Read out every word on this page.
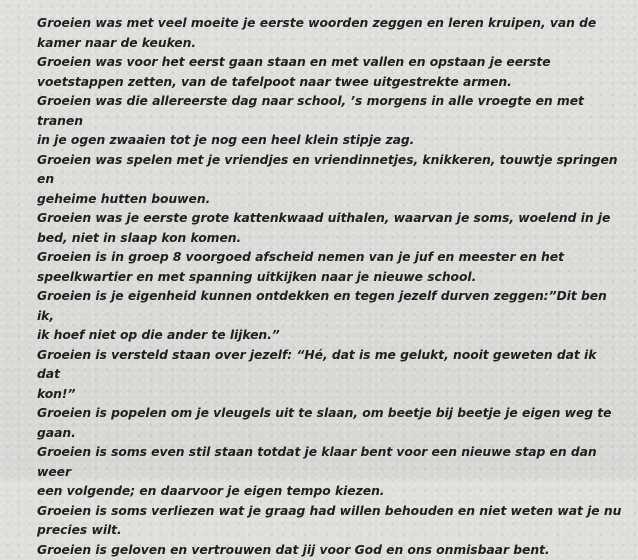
Groeien was met veel moeite je eerste woorden zeggen en leren kruipen, van de
kamer naar de keuken.

Groeien was voor het eerst gaan staan en met vallen en opstaan je eerste
voetstappen zetten, van de tafelpoot naar twee uitgestrekte armen.

Groeien was die allereerste dag naar school, ’s morgens in alle vroegte en met tranen
in je ogen zwaaien tot je nog een heel klein stipje zag.

Groeien was spelen met je vriendjes en vriendinnetjes, knikkeren, touwtje springen en
geheime hutten bouwen.

Groeien was je eerste grote kattenkwaad uithalen, waarvan je soms, woelend in je
bed, niet in slaap kon komen.

Groeien is in groep 8 voorgoed afscheid nemen van je juf en meester en het
speelkwartier en met spanning uitkijken naar je nieuwe school.

Groeien is je eigenheid kunnen ontdekken en tegen jezelf durven zeggen:”Dit ben ik,
ik hoef niet op die ander te lijken.”

Groeien is versteld staan over jezelf: “Hé, dat is me gelukt, nooit geweten dat ik dat
kon!”

Groeien is popelen om je vleugels uit te slaan, om beetje bij beetje je eigen weg te
gaan.

Groeien is soms even stil staan totdat je klaar bent voor een nieuwe stap en dan weer
een volgende; en daarvoor je eigen tempo kiezen.

Groeien is soms verliezen wat je graag had willen behouden en niet weten wat je nu
precies wilt.

Groeien is geloven en vertrouwen dat jij voor God en ons onmisbaar bent.
